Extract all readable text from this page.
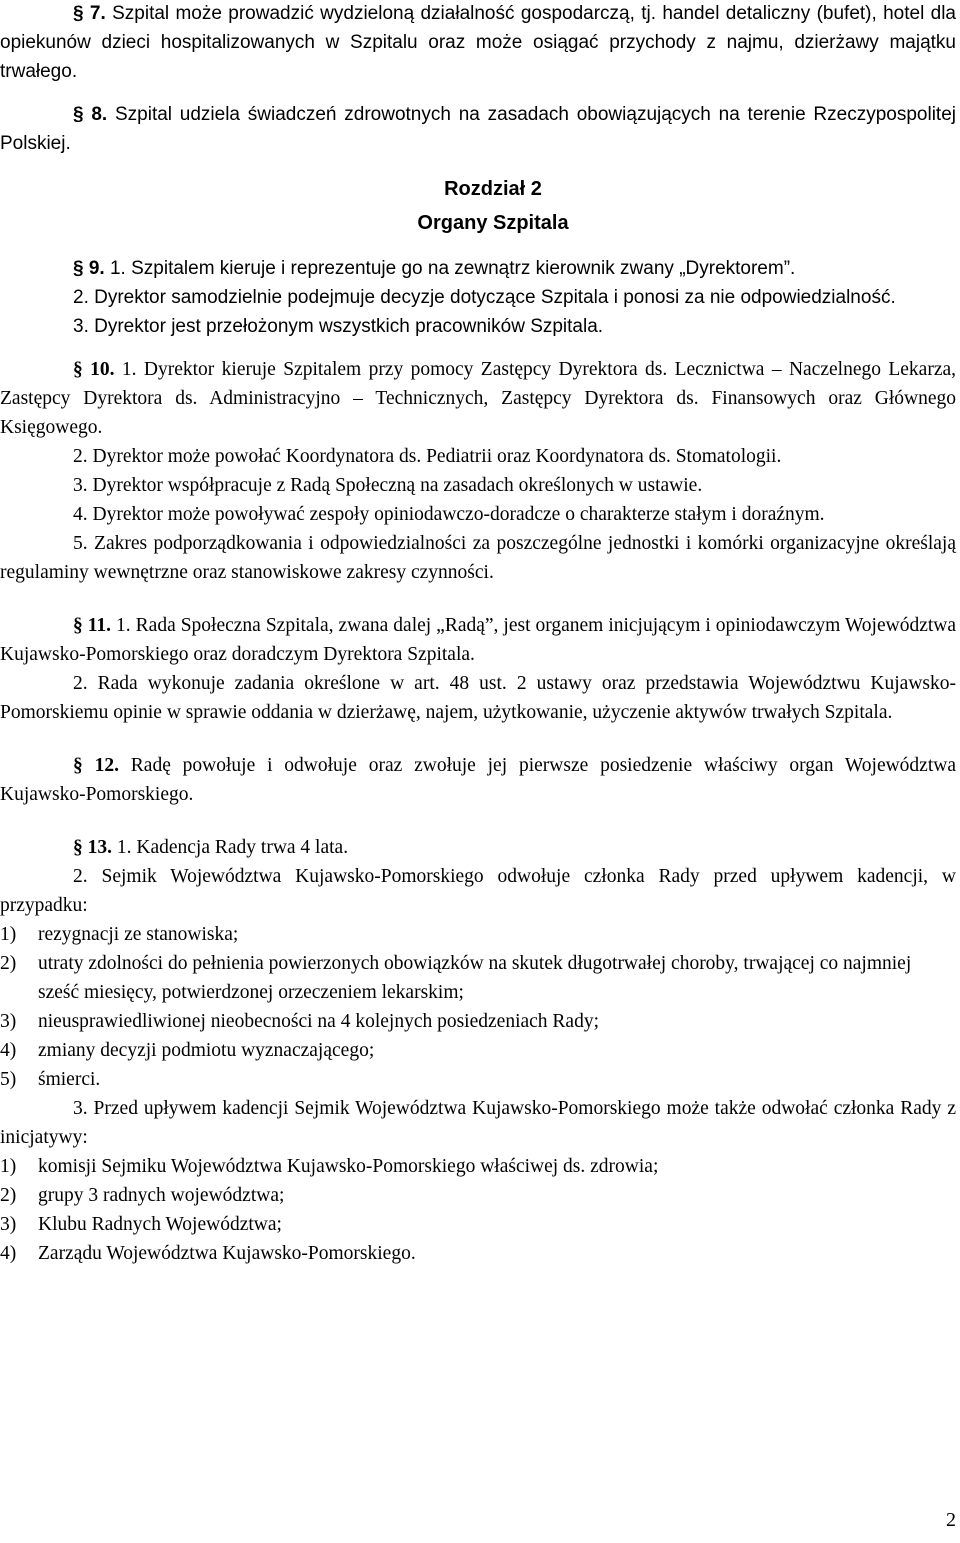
§ 7. Szpital może prowadzić wydzieloną działalność gospodarczą, tj. handel detaliczny (bufet), hotel dla opiekunów dzieci hospitalizowanych w Szpitalu oraz może osiągać przychody z najmu, dzierżawy majątku trwałego.

§ 8. Szpital udziela świadczeń zdrowotnych na zasadach obowiązujących na terenie Rzeczypospolitej Polskiej.

Rozdział 2
Organy Szpitala

§ 9. 1. Szpitalem kieruje i reprezentuje go na zewnątrz kierownik zwany „Dyrektorem”.

2. Dyrektor samodzielnie podejmuje decyzje dotyczące Szpitala i ponosi za nie odpowiedzialność.

3. Dyrektor jest przełożonym wszystkich pracowników Szpitala.

§ 10. 1. Dyrektor kieruje Szpitalem przy pomocy Zastępcy Dyrektora ds. Lecznictwa – Naczelnego Lekarza, Zastępcy Dyrektora ds. Administracyjno – Technicznych, Zastępcy Dyrektora ds. Finansowych oraz Głównego Księgowego.

2. Dyrektor może powołać Koordynatora ds. Pediatrii oraz Koordynatora ds. Stomatologii.

3. Dyrektor współpracuje z Radą Społeczną na zasadach określonych w ustawie.

4. Dyrektor może powoływać zespoły opiniodawczo-doradcze o charakterze stałym i doraźnym.

5. Zakres podporządkowania i odpowiedzialności za poszczególne jednostki i komórki organizacyjne określają regulaminy wewnętrzne oraz stanowiskowe zakresy czynności.

§ 11. 1. Rada Społeczna Szpitala, zwana dalej „Radą”, jest organem inicjującym i opiniodawczym Województwa Kujawsko-Pomorskiego oraz doradczym Dyrektora Szpitala.

2. Rada wykonuje zadania określone w art. 48 ust. 2 ustawy oraz przedstawia Województwu Kujawsko-Pomorskiemu opinie w sprawie oddania w dzierżawę, najem, użytkowanie, użyczenie aktywów trwałych Szpitala.

§ 12. Radę powołuje i odwołuje oraz zwołuje jej pierwsze posiedzenie właściwy organ Województwa Kujawsko-Pomorskiego.

§ 13. 1. Kadencja Rady trwa 4 lata.

2. Sejmik Województwa Kujawsko-Pomorskiego odwołuje członka Rady przed upływem kadencji, w przypadku:

1) rezygnacji ze stanowiska;
2) utraty zdolności do pełnienia powierzonych obowiązków na skutek długotrwałej choroby, trwającej co najmniej sześć miesięcy, potwierdzonej orzeczeniem lekarskim;
3) nieusprawiedliwionej nieobecności na 4 kolejnych posiedzeniach Rady;
4) zmiany decyzji podmiotu wyznaczającego;
5) śmierci.

3. Przed upływem kadencji Sejmik Województwa Kujawsko-Pomorskiego może także odwołać członka Rady z inicjatywy:

1) komisji Sejmiku Województwa Kujawsko-Pomorskiego właściwej ds. zdrowia;
2) grupy 3 radnych województwa;
3) Klubu Radnych Województwa;
4) Zarządu Województwa Kujawsko-Pomorskiego.
2
